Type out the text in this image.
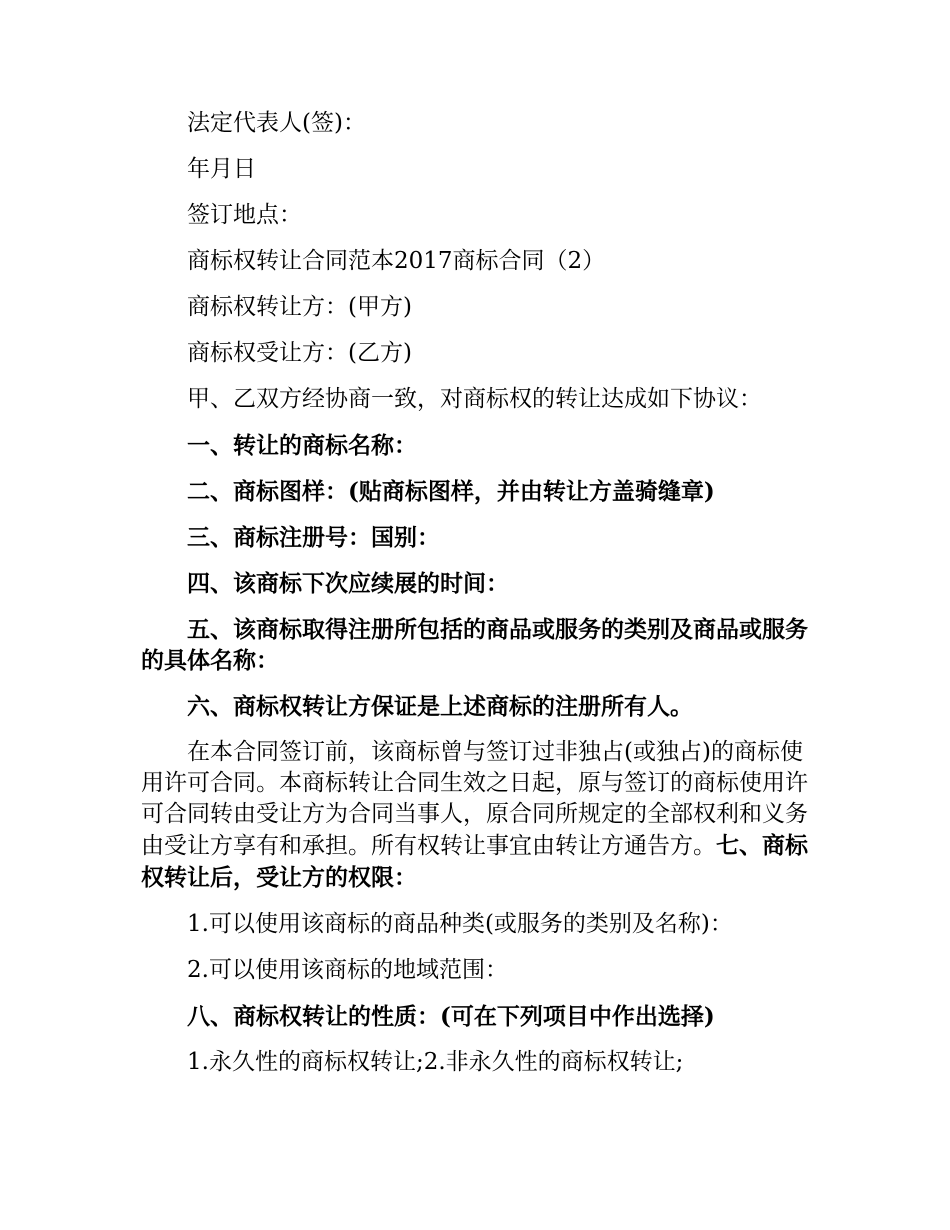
法定代表人(签)：

年月日

签订地点：

商标权转让合同范本2017商标合同（2）

商标权转让方：(甲方)

商标权受让方：(乙方)

甲、乙双方经协商一致，对商标权的转让达成如下协议：

一、转让的商标名称：

二、商标图样：(贴商标图样，并由转让方盖骑缝章)

三、商标注册号：国别：

四、该商标下次应续展的时间：

五、该商标取得注册所包括的商品或服务的类别及商品或服务的具体名称：

六、商标权转让方保证是上述商标的注册所有人。

在本合同签订前，该商标曾与签订过非独占(或独占)的商标使用许可合同。本商标转让合同生效之日起，原与签订的商标使用许可合同转由受让方为合同当事人，原合同所规定的全部权利和义务由受让方享有和承担。所有权转让事宜由转让方通告方。七、商标权转让后，受让方的权限：

1.可以使用该商标的商品种类(或服务的类别及名称)：

2.可以使用该商标的地域范围：

八、商标权转让的性质：(可在下列项目中作出选择)

1.永久性的商标权转让;2.非永久性的商标权转让;
